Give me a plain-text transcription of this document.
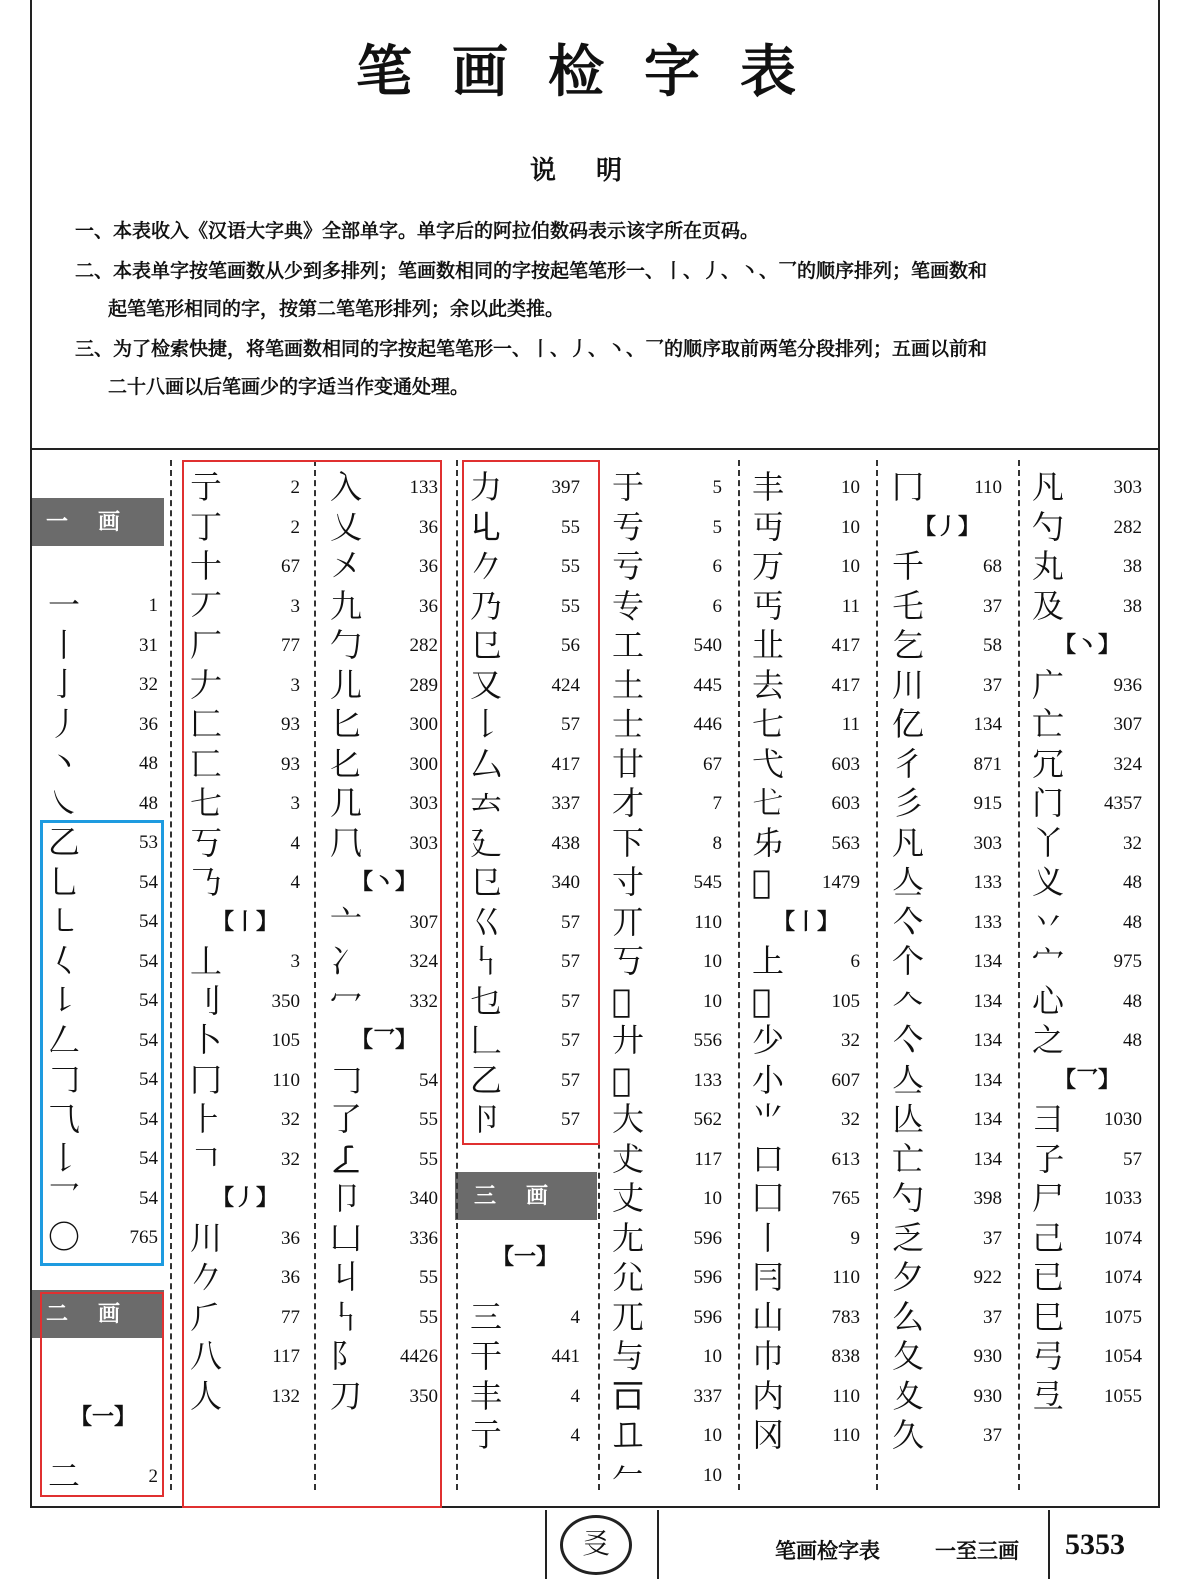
笔画检字表
说明
一、本表收入《汉语大字典》全部单字。单字后的阿拉伯数码表示该字所在页码。
二、本表单字按笔画数从少到多排列；笔画数相同的字按起笔笔形一、丨、丿、丶、乛的顺序排列；笔画数和
起笔笔形相同的字，按第二笔笔形排列；余以此类推。
三、为了检索快捷，将笔画数相同的字按起笔笔形一、丨、丿、丶、乛的顺序取前两笔分段排列；五画以前和
二十八画以后笔画少的字适当作变通处理。
一画
二画
三画
一	1
丨	31
亅	32
丿	36
丶	48
㇏	48
乙	53
乚	54
㇄	54
𡿨	54
㇙	54
𠃋	54
𠃌	54
⺄	54
𠄌	54
乛	54
〇	765
【一】
二	2
亍	2
丁	2
十	67
丆	3
厂	77
𠂇	3
匚	93
匸	93
七	3
丂	4
𠄎	4
【丨】
丄	3
刂	350
卜	105
冂	110
⺊	32
𠃍	32
【丿】
川	36
𠂊	36
⺁	77
八	117
人	132
入 133
乂	36
㐅	36
九	36
勹 282
儿 289
匕 300
𠤎 300
几 303
𠘨 303
【丶】
亠 307
冫 324
冖 332
【乛】
𠃌	54
了	55
𠄏	55
卩 340
凵 336
丩	55
𠃑	55
阝 4426
刀 350
力	397
𠃏	55
𠂊	55
乃	55
㔾	56
又	424
𠄌	57
厶	417
𠫓	337
廴	438
㔾	340
巜	57
𠃑	57
乜	57
𠃊	57
乙	57
卪	57
【一】
三	4
干	441
丰	4
亍	4
于	5
亐	5
亏	6
专	6
工	540
土	445
士	446
廿	67
才	7
下	8
寸	545
丌	110
丂	10
𠀆	10
廾	556
𠀉	133
大	562
𠀋	117
丈	10
尢	596
尣	596
兀	596
与	10
𠮛	337
𠀃	10
𠂉	10
丰	10
丏	10
万	10
丐	11
㐀 417
去 417
七	11
弋 603
𢍺 603
𠂔 563
𠀌	1479
【丨】
上	6
𠃒	105
少	32
小 607
⺌	32
口 613
囗 765
丨	9
冃	110
山 783
巾 838
内	110
冈	110
冂	110
【丿】
千	68
乇	37
乞	58
川	37
亿	134
彳	871
彡	915
凡	303
亼	133
亽	133
个	134
𠆢	134
亽	134
亼	134
亾	134
亡	134
勺	398
乏	37
夕	922
么	37
夂	930
夊	930
久	37
凡	303
勺	282
丸	38
及	38
【丶】
广	936
亡	307
冗	324
门 4357
丫	32
义	48
丷	48
宀	975
心	48
之	48
【乛】
彐 1030
孒	57
尸 1033
己 1074
已 1074
巳 1075
弓 1054
弖 1055
㕛	笔画检字表	一至三画 5353
